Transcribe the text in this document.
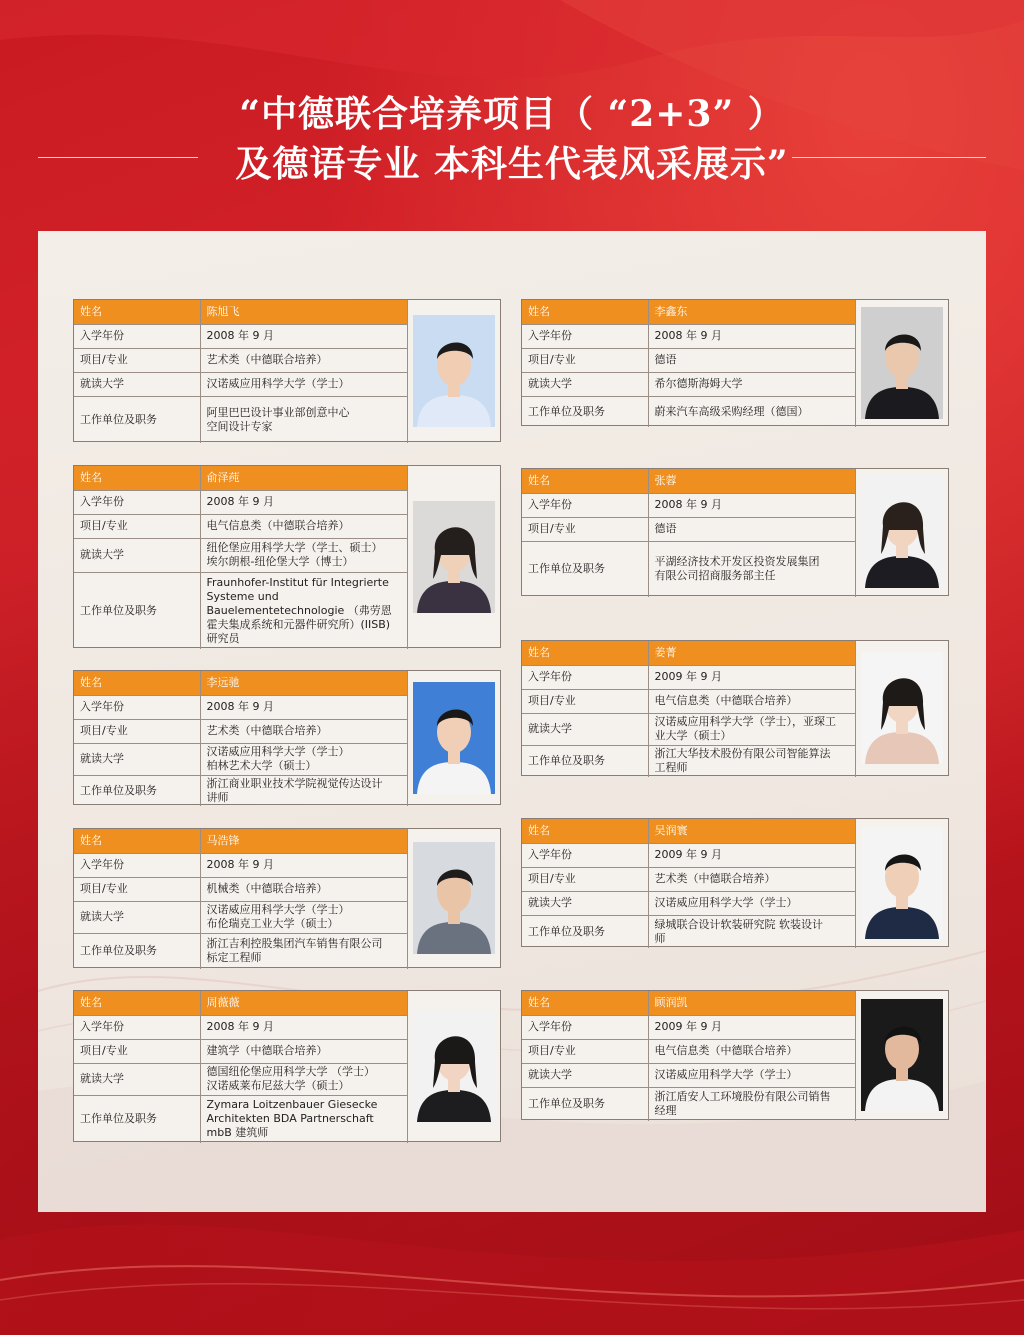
“中德联合培养项目（ “2+3” ）
及德语专业 本科生代表风采展示”
姓名	陈旭飞
入学年份	2008 年 9 月
项目/专业	艺术类（中德联合培养）
就读大学	汉诺威应用科学大学（学士）
工作单位及职务	阿里巴巴设计事业部创意中心
空间设计专家
姓名	李鑫东
入学年份	2008 年 9 月
项目/专业	德语
就读大学	希尔德斯海姆大学
工作单位及职务	蔚来汽车高级采购经理（德国）
姓名	俞泽莼
入学年份	2008 年 9 月
项目/专业	电气信息类（中德联合培养）
就读大学	纽伦堡应用科学大学（学士、硕士）
埃尔朗根-纽伦堡大学（博士）
工作单位及职务	Fraunhofer-Institut für Integrierte Systeme und Bauelementetechnologie （弗劳恩霍夫集成系统和元器件研究所）(IISB) 研究员
姓名	张蓉
入学年份	2008 年 9 月
项目/专业	德语
工作单位及职务	平湖经济技术开发区投资发展集团
有限公司招商服务部主任
姓名	李远驰
入学年份	2008 年 9 月
项目/专业	艺术类（中德联合培养）
就读大学	汉诺威应用科学大学（学士）
柏林艺术大学（硕士）
工作单位及职务	浙江商业职业技术学院视觉传达设计
讲师
姓名	姜菁
入学年份	2009 年 9 月
项目/专业	电气信息类（中德联合培养）
就读大学	汉诺威应用科学大学（学士），亚琛工
业大学（硕士）
工作单位及职务	浙江大华技术股份有限公司智能算法
工程师
姓名	马浩锋
入学年份	2008 年 9 月
项目/专业	机械类（中德联合培养）
就读大学	汉诺威应用科学大学（学士）
布伦瑞克工业大学（硕士）
工作单位及职务	浙江吉利控股集团汽车销售有限公司
标定工程师
姓名	吴润寰
入学年份	2009 年 9 月
项目/专业	艺术类（中德联合培养）
就读大学	汉诺威应用科学大学（学士）
工作单位及职务	绿城联合设计软装研究院 软装设计
师
姓名	周薇薇
入学年份	2008 年 9 月
项目/专业	建筑学（中德联合培养）
就读大学	德国纽伦堡应用科学大学 （学士）
汉诺威莱布尼兹大学（硕士）
工作单位及职务	Zymara Loitzenbauer Giesecke Architekten BDA Partnerschaft mbB 建筑师
姓名	顾润凯
入学年份	2009 年 9 月
项目/专业	电气信息类（中德联合培养）
就读大学	汉诺威应用科学大学（学士）
工作单位及职务	浙江盾安人工环境股份有限公司销售
经理
